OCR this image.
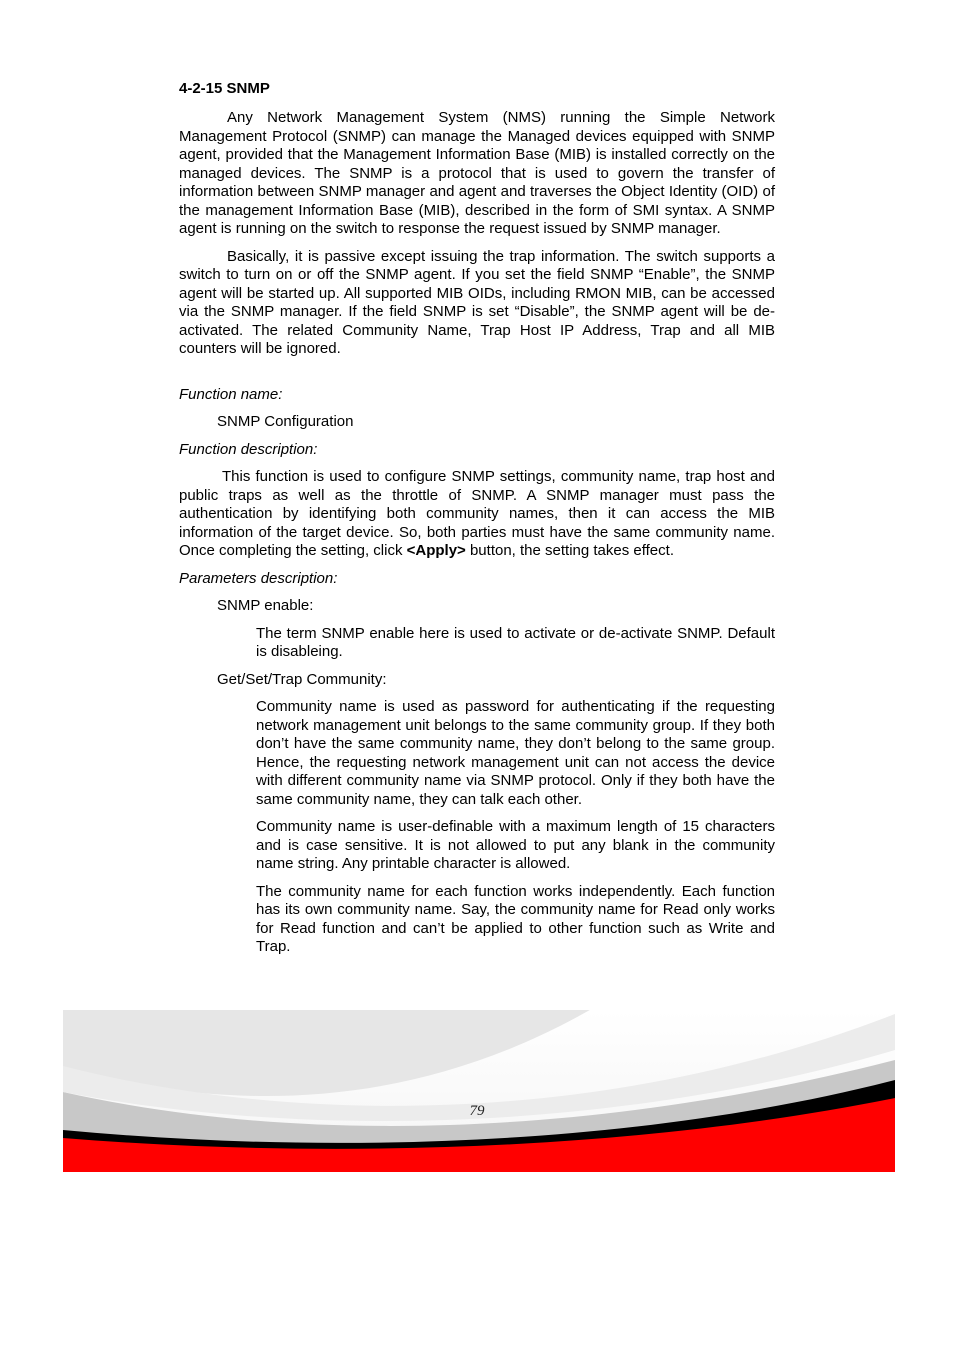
4-2-15 SNMP

Any Network Management System (NMS) running the Simple Network Management Protocol (SNMP) can manage the Managed devices equipped with SNMP agent, provided that the Management Information Base (MIB) is installed correctly on the managed devices. The SNMP is a protocol that is used to govern the transfer of information between SNMP manager and agent and traverses the Object Identity (OID) of the management Information Base (MIB), described in the form of SMI syntax. A SNMP agent is running on the switch to response the request issued by SNMP manager.

Basically, it is passive except issuing the trap information. The switch supports a switch to turn on or off the SNMP agent. If you set the field SNMP “Enable”, the SNMP agent will be started up. All supported MIB OIDs, including RMON MIB, can be accessed via the SNMP manager. If the field SNMP is set “Disable”, the SNMP agent will be de-activated. The related Community Name, Trap Host IP Address, Trap and all MIB counters will be ignored.

Function name:
SNMP Configuration
Function description:

This function is used to configure SNMP settings, community name, trap host and public traps as well as the throttle of SNMP. A SNMP manager must pass the authentication by identifying both community names, then it can access the MIB information of the target device. So, both parties must have the same community name. Once completing the setting, click <Apply> button, the setting takes effect.

Parameters description:
SNMP enable:

The term SNMP enable here is used to activate or de-activate SNMP. Default is disableing.

Get/Set/Trap Community:

Community name is used as password for authenticating if the requesting network management unit belongs to the same community group. If they both don’t have the same community name, they don’t belong to the same group. Hence, the requesting network management unit can not access the device with different community name via SNMP protocol. Only if they both have the same community name, they can talk each other.

Community name is user-definable with a maximum length of 15 characters and is case sensitive. It is not allowed to put any blank in the community name string. Any printable character is allowed.

The community name for each function works independently. Each function has its own community name. Say, the community name for Read only works for Read function and can’t be applied to other function such as Write and Trap.

79
